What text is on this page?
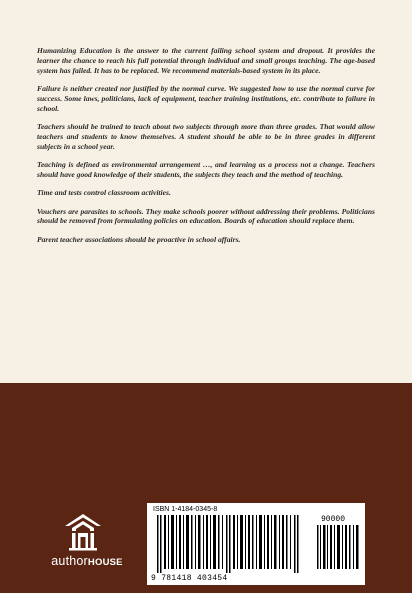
Humanizing Education is the answer to the current failing school system and dropout. It provides the learner the chance to reach his full potential through individual and small groups teaching. The age-based system has failed. It has to be replaced. We recommend materials-based system in its place.

Failure is neither created nor justified by the normal curve. We suggested how to use the normal curve for success. Some laws, politicians, lack of equipment, teacher training institutions, etc. contribute to failure in school.

Teachers should be trained to teach about two subjects through more than three grades. That would allow teachers and students to know themselves. A student should be able to be in three grades in different subjects in a school year.

Teaching is defined as environmental arrangement …, and learning as a process not a change. Teachers should have good knowledge of their students, the subjects they teach and the method of teaching.

Time and tests control classroom activities.

Vouchers are parasites to schools. They make schools poorer without addressing their problems. Politicians should be removed from formulating policies on education. Boards of education should replace them.

Parent teacher associations should be proactive in school affairs.

authorHOUSE
ISBN 1-4184-0345-8
90000
9 781418 403454
